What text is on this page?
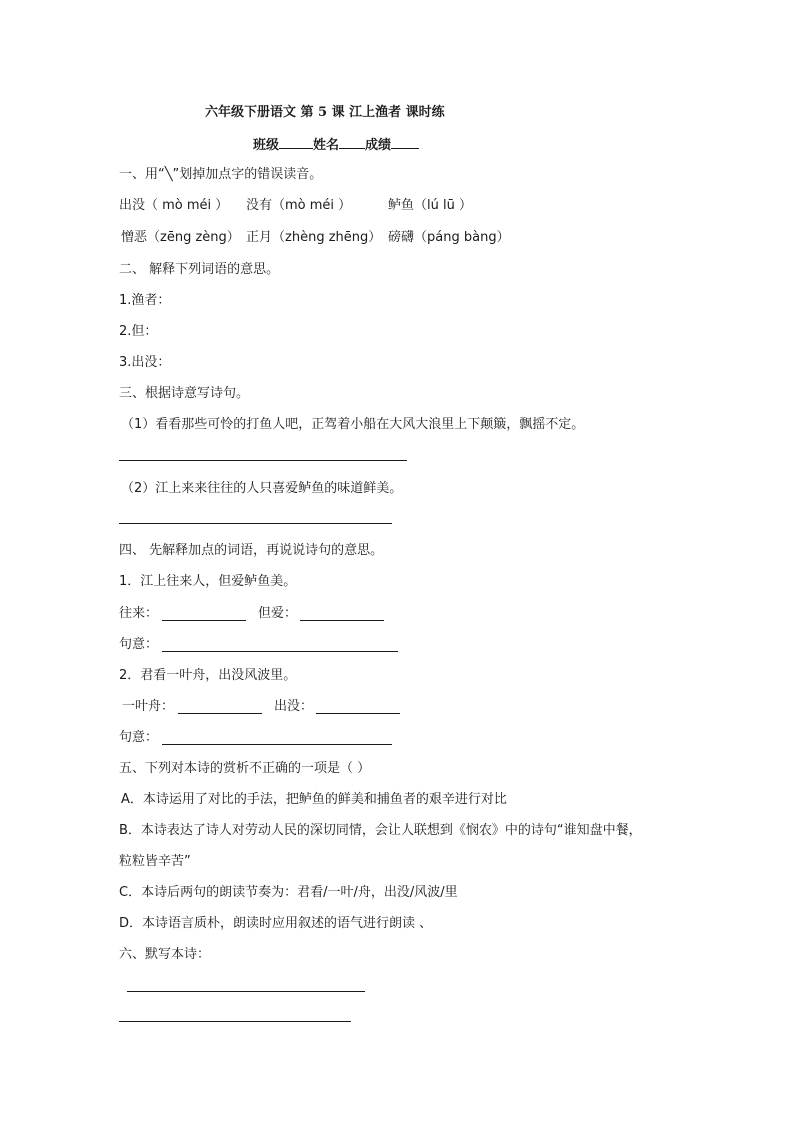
六年级下册语文 第 5 课 江上渔者 课时练
班级	姓名 成绩
一、用“╲”划掉加点字的错误读音。
出没（ mò méi ） 没有（mò méi ）	鲈鱼（lú lū ）
憎恶（zēng zèng） 正月（zhèng zhēng） 磅礴（páng bàng）
二、 解释下列词语的意思。
1.渔者：
2.但：
3.出没：
三、根据诗意写诗句。
（1）看看那些可怜的打鱼人吧，正驾着小船在大风大浪里上下颠簸，飘摇不定。
（2）江上来来往往的人只喜爱鲈鱼的味道鲜美。
四、 先解释加点的词语，再说说诗句的意思。
1．江上往来人，但爱鲈鱼美。
往来：	但爱：
句意：
2．君看一叶舟，出没风波里。
一叶舟：	出没：
句意：
五、下列对本诗的赏析不正确的一项是（ ）
A．本诗运用了对比的手法，把鲈鱼的鲜美和捕鱼者的艰辛进行对比
B．本诗表达了诗人对劳动人民的深切同情，会让人联想到《悯农》中的诗句“谁知盘中餐，
粒粒皆辛苦”
C．本诗后两句的朗读节奏为：君看/一叶/舟，出没/风波/里
D．本诗语言质朴，朗读时应用叙述的语气进行朗读 、
六、默写本诗：
